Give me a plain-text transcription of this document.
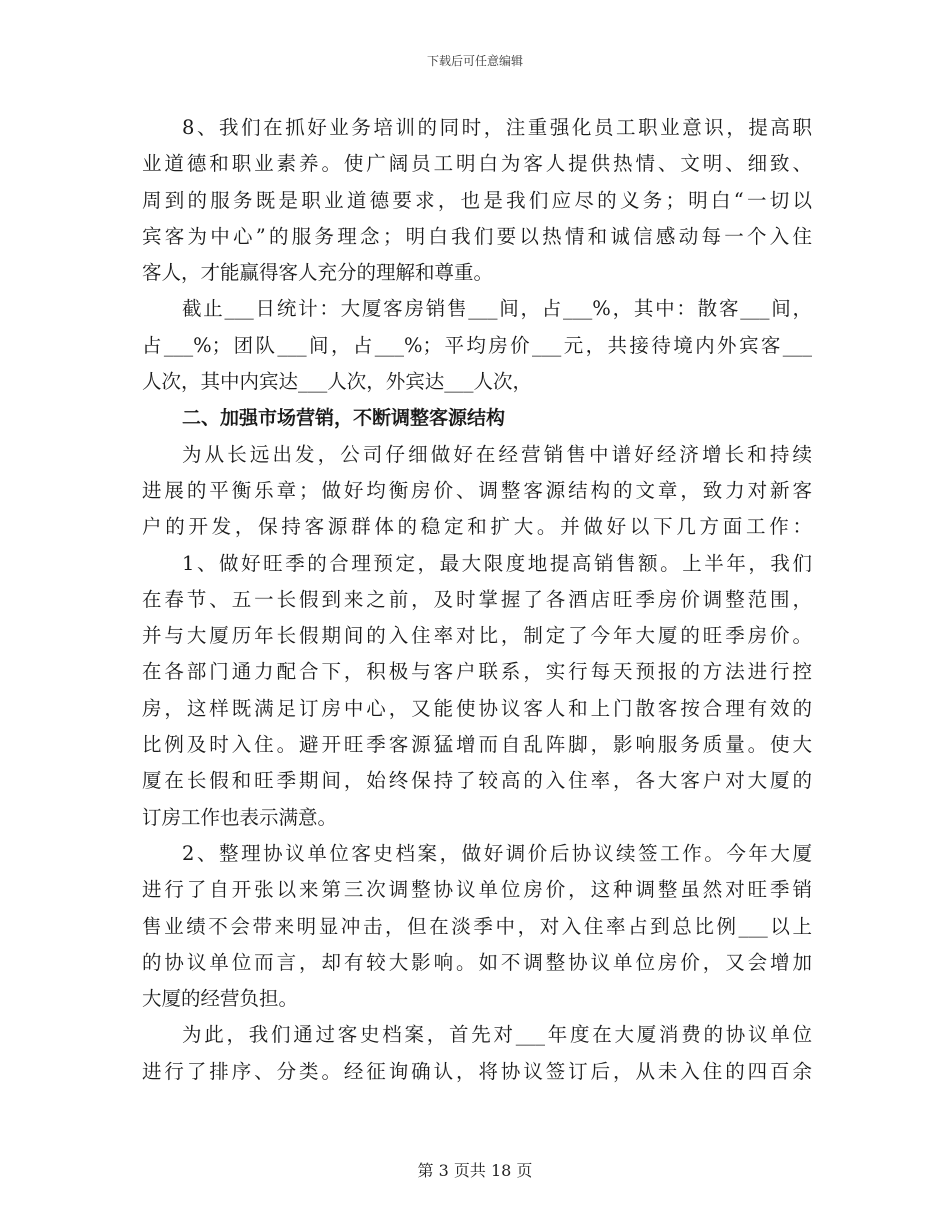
下载后可任意编辑
8、我们在抓好业务培训的同时，注重强化员工职业意识，提高职
业道德和职业素养。使广阔员工明白为客人提供热情、文明、细致、
周到的服务既是职业道德要求，也是我们应尽的义务；明白“一切以
宾客为中心”的服务理念；明白我们要以热情和诚信感动每一个入住
客人，才能赢得客人充分的理解和尊重。
截止___日统计：大厦客房销售___间，占___%，其中：散客___间，
占___%；团队___间，占___%；平均房价___元，共接待境内外宾客___
人次，其中内宾达___人次，外宾达___人次，
二、加强市场营销，不断调整客源结构
为从长远出发，公司仔细做好在经营销售中谱好经济增长和持续
进展的平衡乐章；做好均衡房价、调整客源结构的文章，致力对新客
户的开发，保持客源群体的稳定和扩大。并做好以下几方面工作：
1、做好旺季的合理预定，最大限度地提高销售额。上半年，我们
在春节、五一长假到来之前，及时掌握了各酒店旺季房价调整范围，
并与大厦历年长假期间的入住率对比，制定了今年大厦的旺季房价。
在各部门通力配合下，积极与客户联系，实行每天预报的方法进行控
房，这样既满足订房中心，又能使协议客人和上门散客按合理有效的
比例及时入住。避开旺季客源猛增而自乱阵脚，影响服务质量。使大
厦在长假和旺季期间，始终保持了较高的入住率，各大客户对大厦的
订房工作也表示满意。
2、整理协议单位客史档案，做好调价后协议续签工作。今年大厦
进行了自开张以来第三次调整协议单位房价，这种调整虽然对旺季销
售业绩不会带来明显冲击，但在淡季中，对入住率占到总比例___以上
的协议单位而言，却有较大影响。如不调整协议单位房价，又会增加
大厦的经营负担。
为此，我们通过客史档案，首先对___年度在大厦消费的协议单位
进行了排序、分类。经征询确认，将协议签订后，从未入住的四百余
第 3 页共 18 页
